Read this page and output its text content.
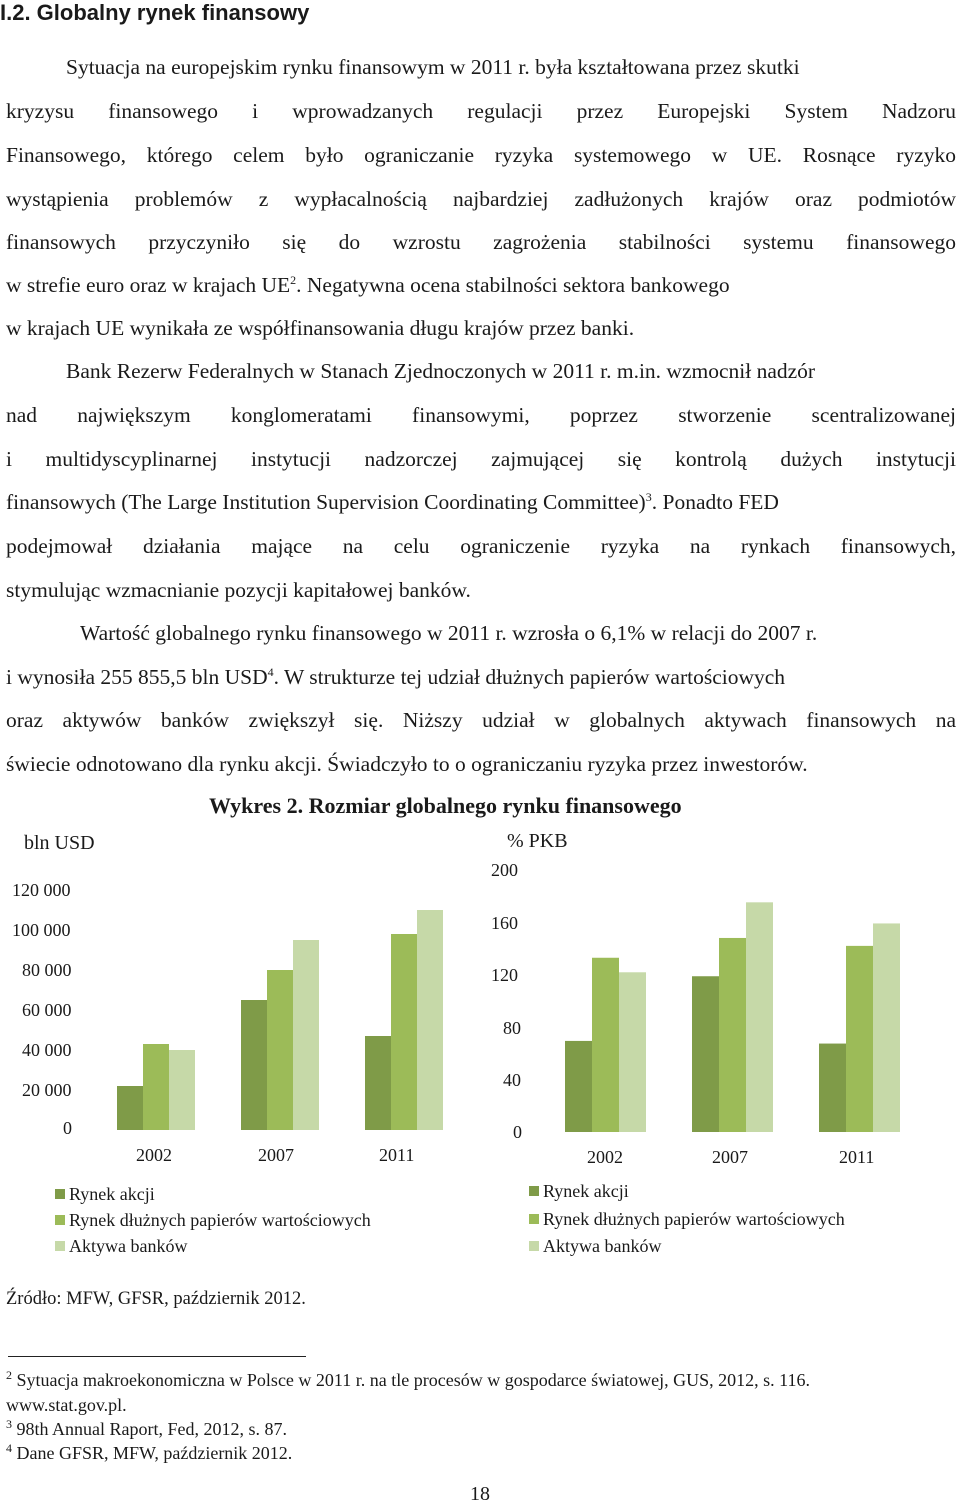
I.2. Globalny rynek finansowy
Sytuacja na europejskim rynku finansowym w 2011 r. była kształtowana przez skutki
kryzysu finansowego i wprowadzanych regulacji przez Europejski System Nadzoru
Finansowego, którego celem było ograniczanie ryzyka systemowego w UE. Rosnące ryzyko
wystąpienia problemów z wypłacalnością najbardziej zadłużonych krajów oraz podmiotów
finansowych przyczyniło się do wzrostu zagrożenia stabilności systemu finansowego
w strefie euro oraz w krajach $UE^2$. Negatywna ocena stabilności sektora bankowego
w krajach UE wynikała ze współfinansowania długu krajów przez banki.
Bank Rezerw Federalnych w Stanach Zjednoczonych w 2011 r. m.in. wzmocnił nadzór
nad największym konglomeratami finansowymi, poprzez stworzenie scentralizowanej
i multidyscyplinarnej instytucji nadzorczej zajmującej się kontrolą dużych instytucji
finansowych (The Large Institution Supervision Coordinating Committee)$^3$. Ponadto FED
podejmował działania mające na celu ograniczenie ryzyka na rynkach finansowych,
stymulując wzmacnianie pozycji kapitałowej banków.
Wartość globalnego rynku finansowego w 2011 r. wzrosła o 6,1% w relacji do 2007 r.
i wynosiła 255 855,5 bln USD$^4$. W strukturze tej udział dłużnych papierów wartościowych
oraz aktywów banków zwiększył się. Niższy udział w globalnych aktywach finansowych na
świecie odnotowano dla rynku akcji. Świadczyło to o ograniczaniu ryzyka przez inwestorów.
Wykres 2. Rozmiar globalnego rynku finansowego
bln USD
120 000
100 000
80 000
60 000
40 000
20 000
0
2002	2007	2011
Rynek akcji
Rynek dłużnych papierów wartościowych
Aktywa banków
% PKB
200
160
120
80
40
0
2002	2007	2011
Rynek akcji
Rynek dłużnych papierów wartościowych
Aktywa banków
Źródło: MFW, GFSR, październik 2012.
$^2$ Sytuacja makroekonomiczna w Polsce w 2011 r. na tle procesów w gospodarce światowej, GUS, 2012, s. 116.
www.stat.gov.pl.
$^3$ 98th Annual Raport, Fed, 2012, s. 87.
$^4$ Dane GFSR, MFW, październik 2012.
18
